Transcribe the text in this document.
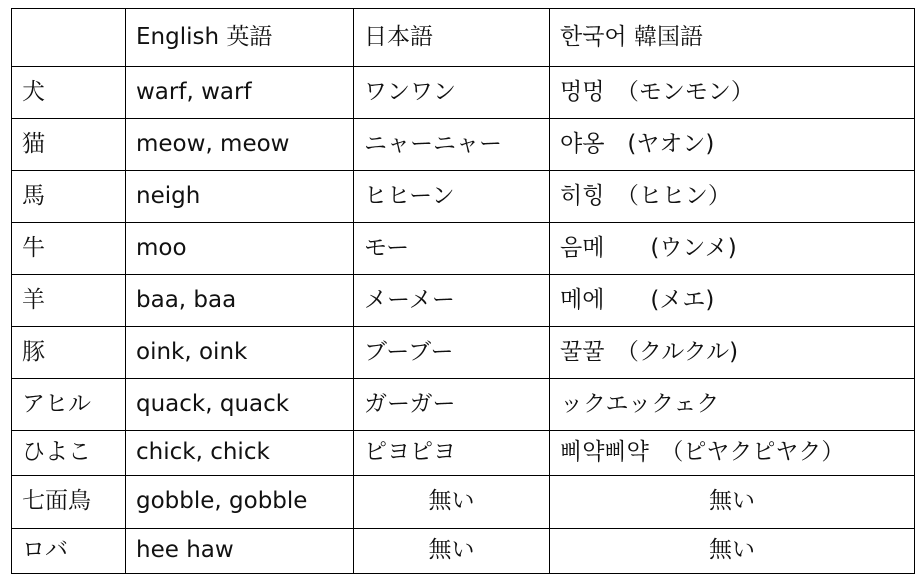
	English 英語	日本語	한국어 韓国語
犬	warf, warf	ワンワン	멍멍　（モンモン）
猫	meow, meow	ニャーニャー	야옹　(ヤオン)
馬	neigh	ヒヒーン	히힝　（ヒヒン）
牛	moo	モー	음메　　(ウンメ)
羊	baa, baa	メーメー	메에　　(メエ)
豚	oink, oink	ブーブー	꿀꿀　（クルクル)
アヒル	quack, quack	ガーガー	ックエックェク
ひよこ	chick, chick	ピヨピヨ	삐약삐약　（ピヤクピヤク）
七面鳥	gobble, gobble	無い	無い
ロバ	hee haw	無い	無い
